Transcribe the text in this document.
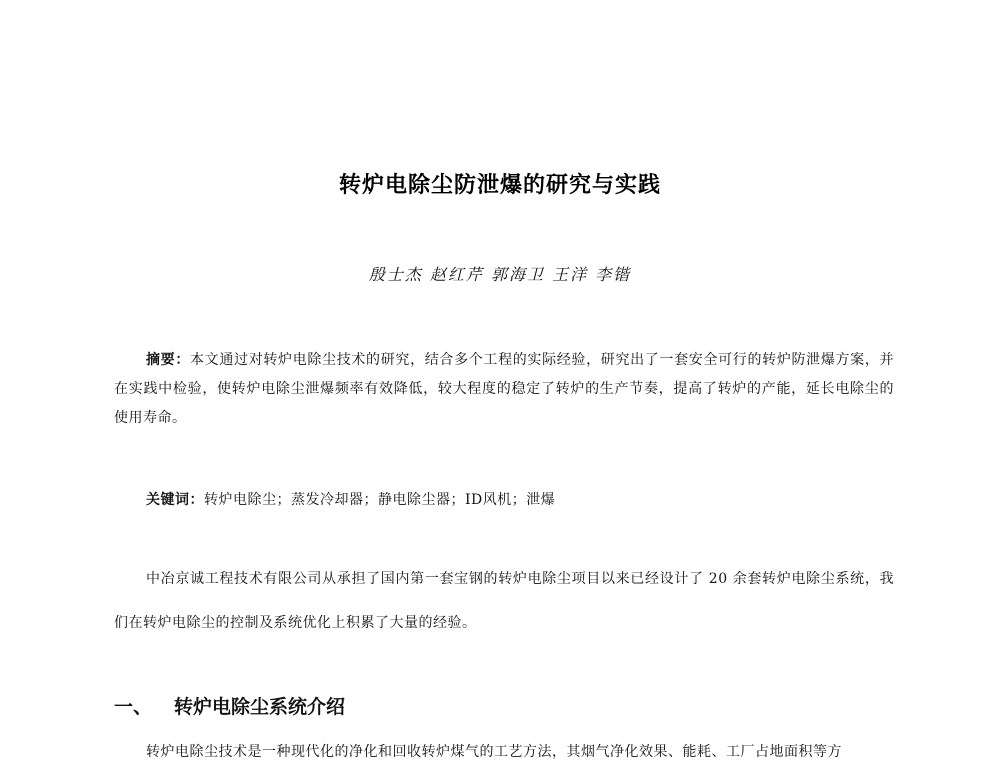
转炉电除尘防泄爆的研究与实践
殷士杰 赵红芹 郭海卫 王洋 李锴
摘要：本文通过对转炉电除尘技术的研究，结合多个工程的实际经验，研究出了一套安全可行的转炉防泄爆方案，并在实践中检验，使转炉电除尘泄爆频率有效降低，较大程度的稳定了转炉的生产节奏，提高了转炉的产能，延长电除尘的使用寿命。
关键词：转炉电除尘；蒸发冷却器；静电除尘器；ID风机；泄爆
中冶京诚工程技术有限公司从承担了国内第一套宝钢的转炉电除尘项目以来已经设计了 20 余套转炉电除尘系统，我们在转炉电除尘的控制及系统优化上积累了大量的经验。
一、 转炉电除尘系统介绍
转炉电除尘技术是一种现代化的净化和回收转炉煤气的工艺方法，其烟气净化效果、能耗、工厂占地面积等方
